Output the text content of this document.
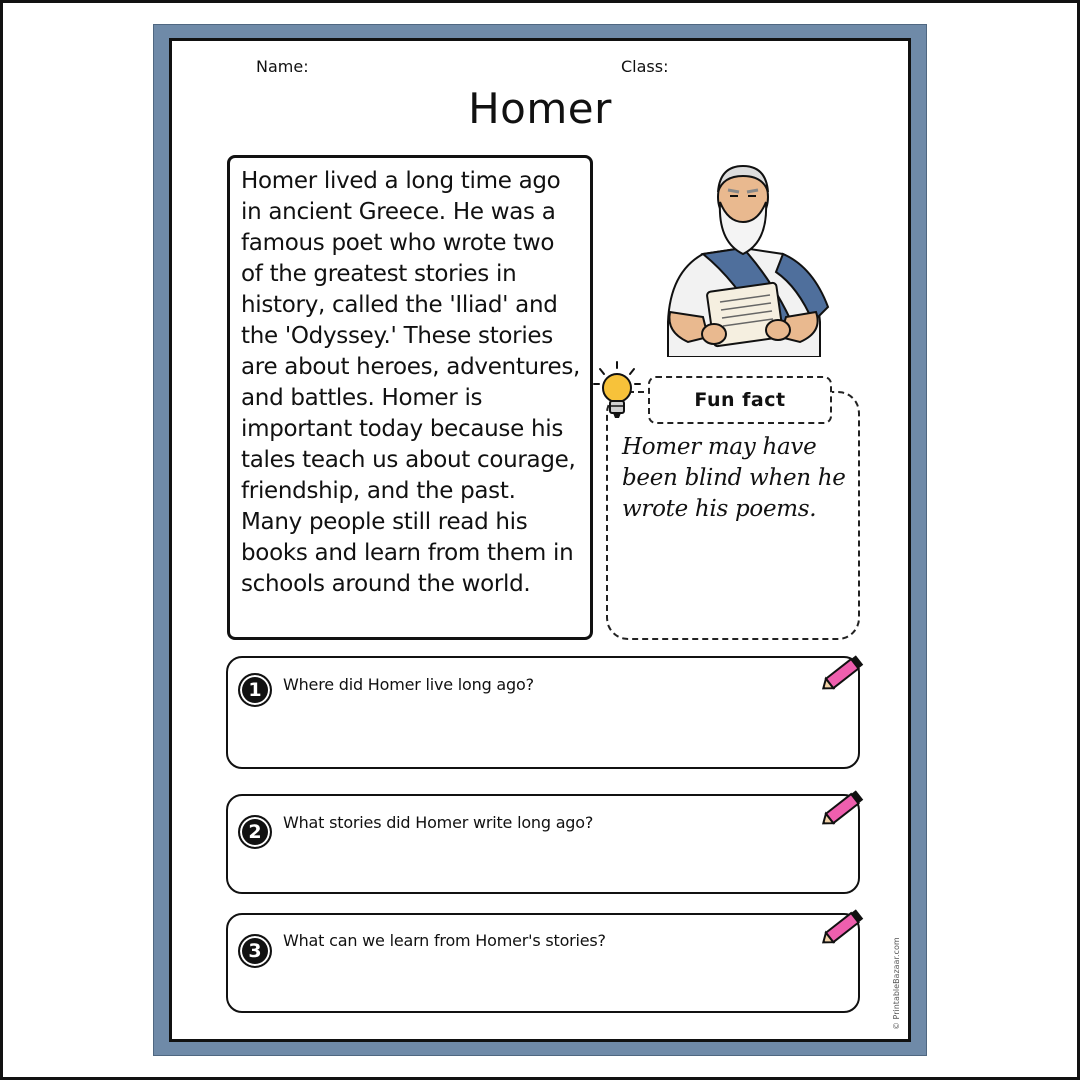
Name:	Class:
Homer

Homer lived a long time ago in ancient Greece. He was a famous poet who wrote two of the greatest stories in history, called the 'Iliad' and the 'Odyssey.' These stories are about heroes, adventures, and battles. Homer is important today because his tales teach us about courage, friendship, and the past. Many people still read his books and learn from them in schools around the world.

Fun fact
Homer may have been blind when he wrote his poems.
1	Where did Homer live long ago?
2	What stories did Homer write long ago?
3	What can we learn from Homer's stories?	© PrintableBazaar.com
